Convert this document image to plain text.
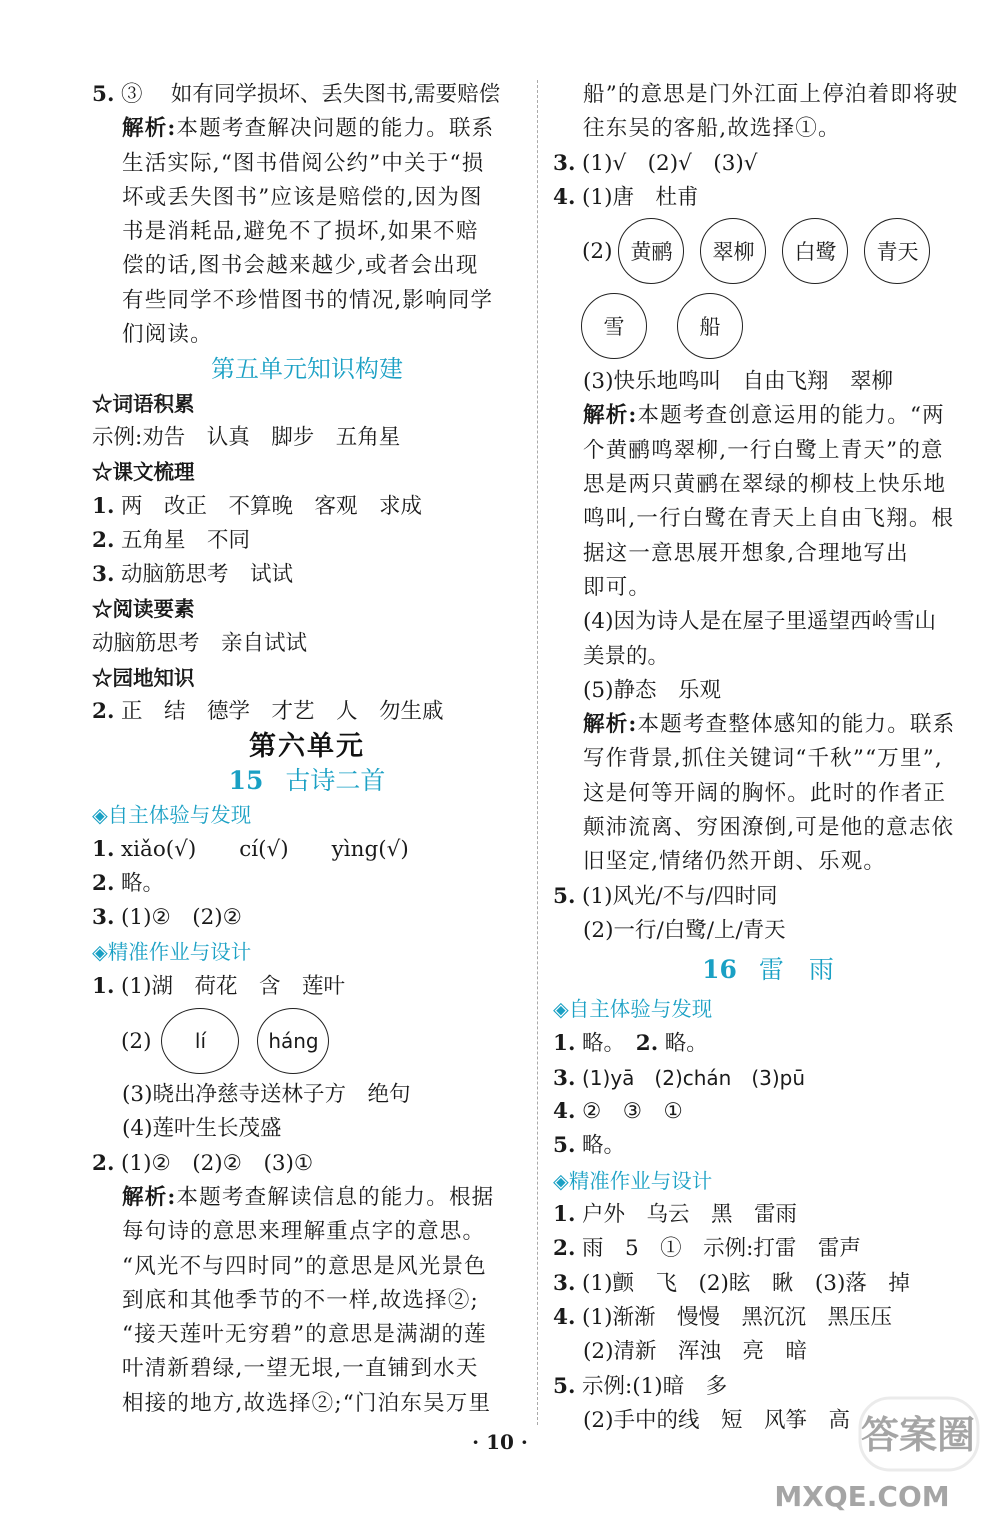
5. ③　 如有同学损坏、丢失图书,需要赔偿
解析:本题考查解决问题的能力。联系
生活实际,“图书借阅公约”中关于“损
坏或丢失图书”应该是赔偿的,因为图
书是消耗品,避免不了损坏,如果不赔
偿的话,图书会越来越少,或者会出现
有些同学不珍惜图书的情况,影响同学
们阅读。
第五单元知识构建
☆词语积累
示例:劝告　认真　脚步　五角星
☆课文梳理
1. 两　改正　不算晚　客观　求成
2. 五角星　不同
3. 动脑筋思考　试试
☆阅读要素
动脑筋思考　亲自试试
☆园地知识
2. 正　结　德学　才艺　人　勿生戚
第六单元
15 古诗二首
◈自主体验与发现
1. xiǎo(√)　　cí(√)　　yìng(√)
2. 略。
3. (1)②　(2)②
◈精准作业与设计
1. (1)湖　荷花　含　莲叶
(2)	lí	háng
(3)晓出净慈寺送林子方　绝句
(4)莲叶生长茂盛
2. (1)②　(2)②　(3)①
解析:本题考查解读信息的能力。根据
每句诗的意思来理解重点字的意思。
“风光不与四时同”的意思是风光景色
到底和其他季节的不一样,故选择②;
“接天莲叶无穷碧”的意思是满湖的莲
叶清新碧绿,一望无垠,一直铺到水天
相接的地方,故选择②;“门泊东吴万里
船”的意思是门外江面上停泊着即将驶
往东吴的客船,故选择①。
3. (1)√　(2)√　(3)√
4. (1)唐　杜甫
(2) 黄鹂	翠柳	白鹭	青天
雪	船
(3)快乐地鸣叫　自由飞翔　翠柳
解析:本题考查创意运用的能力。“两
个黄鹂鸣翠柳,一行白鹭上青天”的意
思是两只黄鹂在翠绿的柳枝上快乐地
鸣叫,一行白鹭在青天上自由飞翔。根
据这一意思展开想象,合理地写出
即可。
(4)因为诗人是在屋子里遥望西岭雪山
美景的。
(5)静态　乐观
解析:本题考查整体感知的能力。联系
写作背景,抓住关键词“千秋”“万里”,
这是何等开阔的胸怀。此时的作者正
颠沛流离、穷困潦倒,可是他的意志依
旧坚定,情绪仍然开朗、乐观。
5. (1)风光/不与/四时同
(2)一行/白鹭/上/青天
16 雷　雨
◈自主体验与发现
1. 略。　2. 略。
3. (1)yā　(2)chán　(3)pū
4. ②　③　①
5. 略。
◈精准作业与设计
1. 户外　乌云　黑　雷雨
2. 雨　5　①　示例:打雷　雷声
3. (1)颤　飞　(2)眩　瞅　(3)落　掉
4. (1)渐渐　慢慢　黑沉沉　黑压压
(2)清新　浑浊　亮　暗
5. 示例:(1)暗　多
(2)手中的线　短　风筝　高
· 10 ·	答案圈
MXQE.COM
